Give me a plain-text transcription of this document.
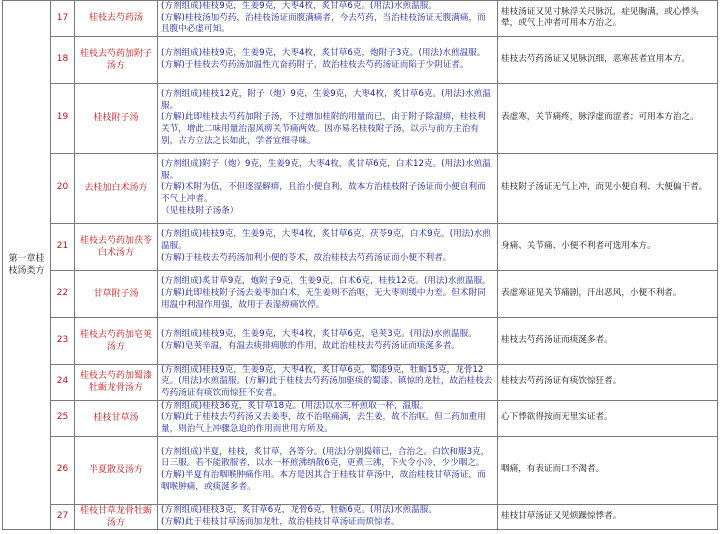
第一章桂枝汤类方	17	桂枝去芍药汤	(方剂组成)桂枝9克，生姜9克，大枣4枚，炙甘草6克。(用法)水煎温服。
(方解)桂枝汤加芍药，治桂枝汤证而腹满痛者，今去芍药，当治桂枝汤证无腹满痛，而且腹中必虚可知。	桂枝汤证又见寸脉浮关尺脉沉，症见胸满，或心悸头晕，或气上冲者可用本方治之。
	18	桂枝去芍药加附子汤方	(方剂组成)桂枝9克，生姜9克，大枣4枚，炙甘草6克，炮附子3克。(用法)水煎温服。
(方解)于桂枝去芍药汤加温性亢奋药附子，故治桂枝去芍药汤证而陷于少阴证者。	桂枝去芍药汤证又见脉沉细，恶寒甚者宜用本方。
	19	桂枝附子汤	(方剂组成)桂枝12克，附子（炮）9克，生姜9克，大枣4枚，炙甘草6克。(用法)水煎温服。
(方解)此即桂枝去芍药加附子汤，不过增加桂附的用量而已，由于附子除湿痹，桂枝利关节，增此二味用量治湿风痹关节痛两效。因亦易名桂枝附子汤，以示与前方主治有别，古方立法之长如此，学者宜细寻味。	表虚寒，关节痛疼，脉浮虚而涩者；可用本方治之。
	20	去桂加白术汤方	(方剂组成)附子（炮）9克，生姜9克，大枣4枚，炙甘草6克，白术12克。(用法)水煎温服。
(方解)术附为伍，不但逐湿解痹，且治小便自利，故本方治桂枝附子汤证而小便自利而不气上冲者。
（见桂枝附子汤条）	桂枝附子汤证无气上冲，而见小便自利、大便偏干者。
	21	桂枝去芍药加茯苓白术汤方	(方剂组成)桂枝9克，生姜9克，大枣4枚，炙甘草6克，茯苓9克，白术9克。(用法)水煎温服。
(方解)于桂枝去芍药汤加利小便的苓术，故治桂枝去芍药汤证而小便不利者。	身痛、关节痛、小便不利者可选用本方。
	22	甘草附子汤	(方剂组成)炙甘草9克，炮附子9克，生姜9克，白术6克，桂枝12克。(用法)水煎温服。
(方解)此即桂枝附子汤去姜枣加白术，无生姜则不治呕，无大枣则缓中力差。但术附同用温中利湿作用强，故用于表湿痹痛饮停。	表虚寒证见关节痛剧，汗出恶风，小便不利者。
	23	桂枝去芍药加皂荚汤方	(方剂组成)桂枝9克，生姜9克，大枣4枚，炙甘草6克，皂荚3克。(用法)水煎温服。
(方解)皂荚辛温，有温去痰排痈脓的作用，故此治桂枝去芍药汤证而痰涎多者。	桂枝去芍药汤证而痰涎多者。
	24	桂枝去芍药加蜀漆牡蛎龙骨汤方	(方剂组成)桂枝9克，生姜9克，大枣4枚，炙甘草6克，蜀漆9克，牡蛎15克，龙骨12克。(用法)水煎温服。(方解)此于桂枝去芍药汤加驱痰的蜀漆、镇惊的龙牡，故治桂枝去芍药汤证有痰饮而惊狂不安者。	桂枝去芍药汤证有痰饮惊狂者。
	25	桂枝甘草汤	(方剂组成)桂枝36克，炙甘草18克。(用法)以水三杯煎取一杯，温服。
(方解)此于桂枝去芍药汤又去姜枣，故不治呕痛满，去生姜，故不治呕。但二药加重用量，则治气上冲骤急迫的作用而世用方所及。	心下悸欲得按而无里实证者。
	26	半夏散及汤方	(方剂组成)半夏，桂枝，炙甘草，各等分。(用法)分别捣筛已，合治之。白饮和服3克，日三服。若不能散服者，以水一杯煎沸纳散6克，更煮三沸，下火令小冷，少少咽之。
(方解)半夏有治咽喉肿痛作用。本方是因其合于桂枝甘草汤中，故治桂枝甘草汤证，而咽喉肿痛，或痰涎多者。	咽痛，有表证而口不渴者。
	27	桂枝甘草龙骨牡蛎汤方	(方剂组成)桂枝3克，炙甘草6克，龙骨6克，牡蛎6克。(用法)水煎温服。
(方解)此于桂枝甘草汤而加龙牡，故治桂枝甘草汤证而烦惊者。	桂枝甘草汤证又见烦躁惊悸者。
